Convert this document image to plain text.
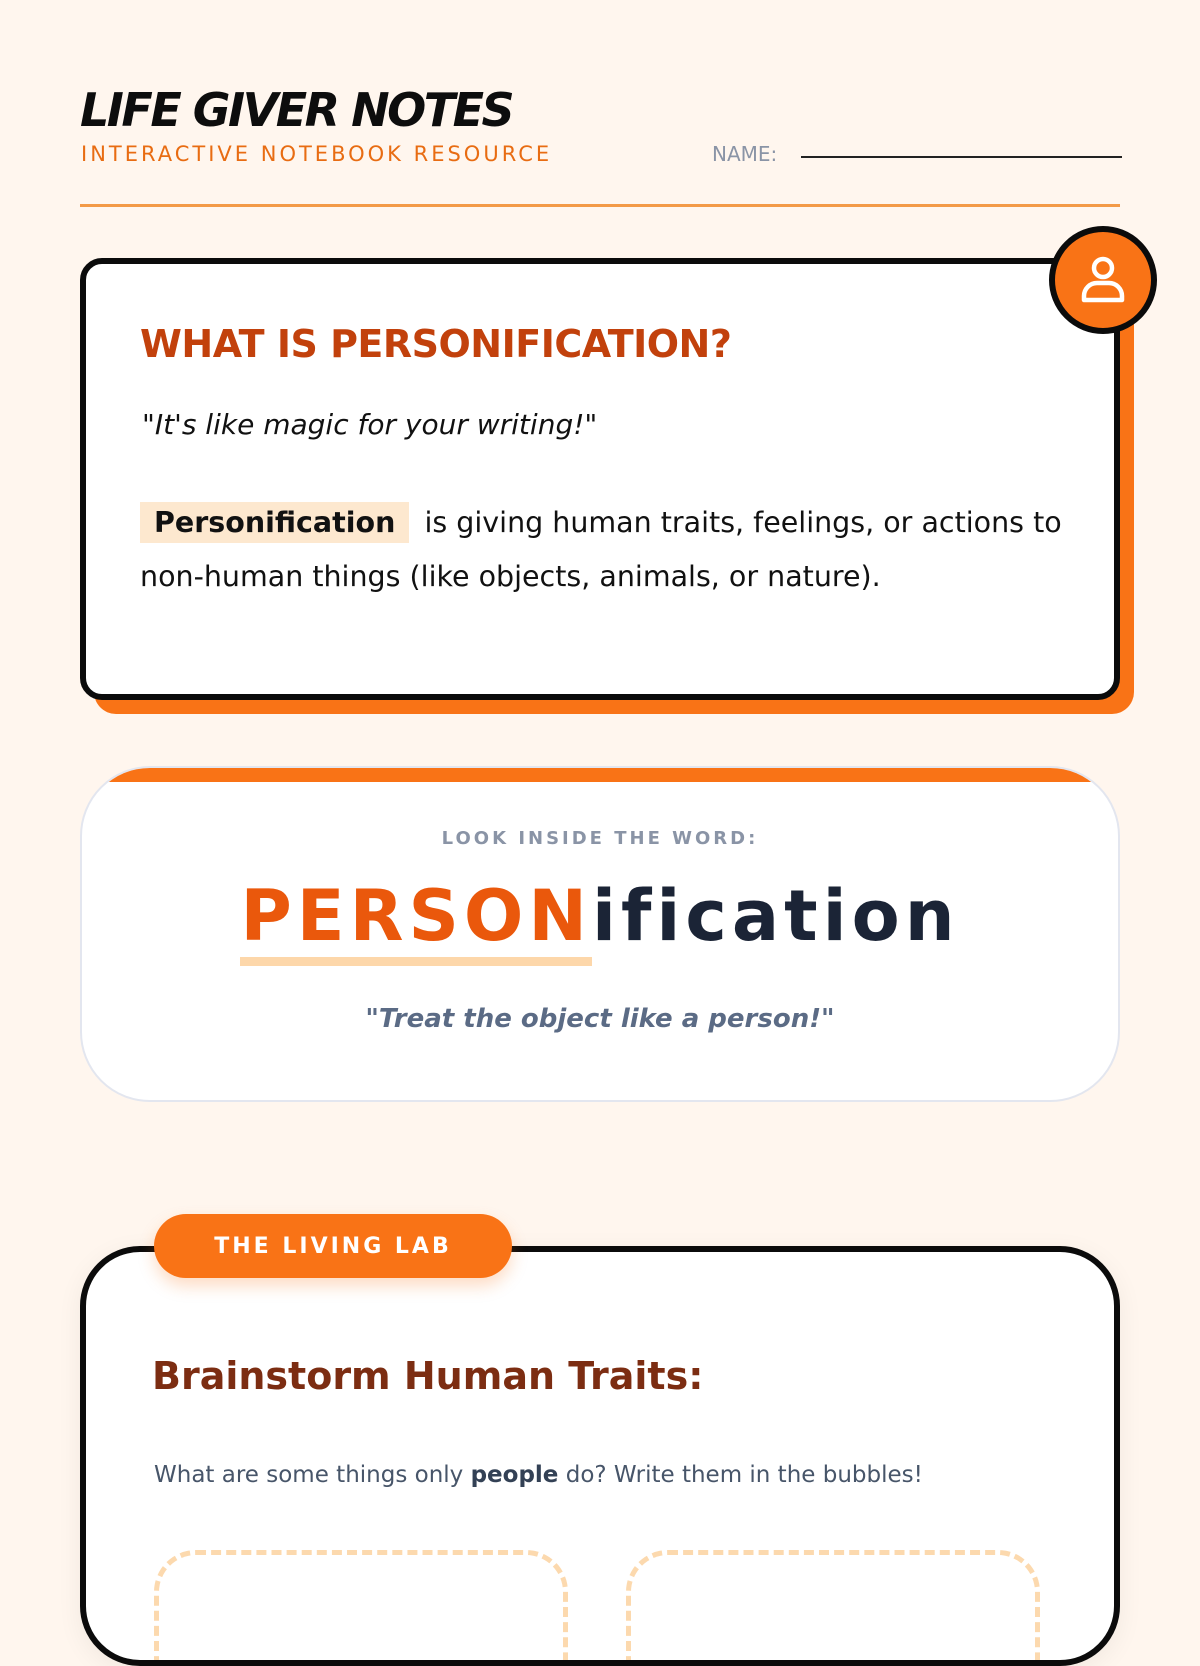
LIFE GIVER NOTES
INTERACTIVE NOTEBOOK RESOURCE	NAME:
WHAT IS PERSONIFICATION?
"It's like magic for your writing!"
Personification is giving human traits, feelings, or actions to non-human things (like objects, animals, or nature).
LOOK INSIDE THE WORD:
PERSONification
"Treat the object like a person!"
Brainstorm Human Traits:
What are some things only people do? Write them in the bubbles!
THE LIVING LAB
